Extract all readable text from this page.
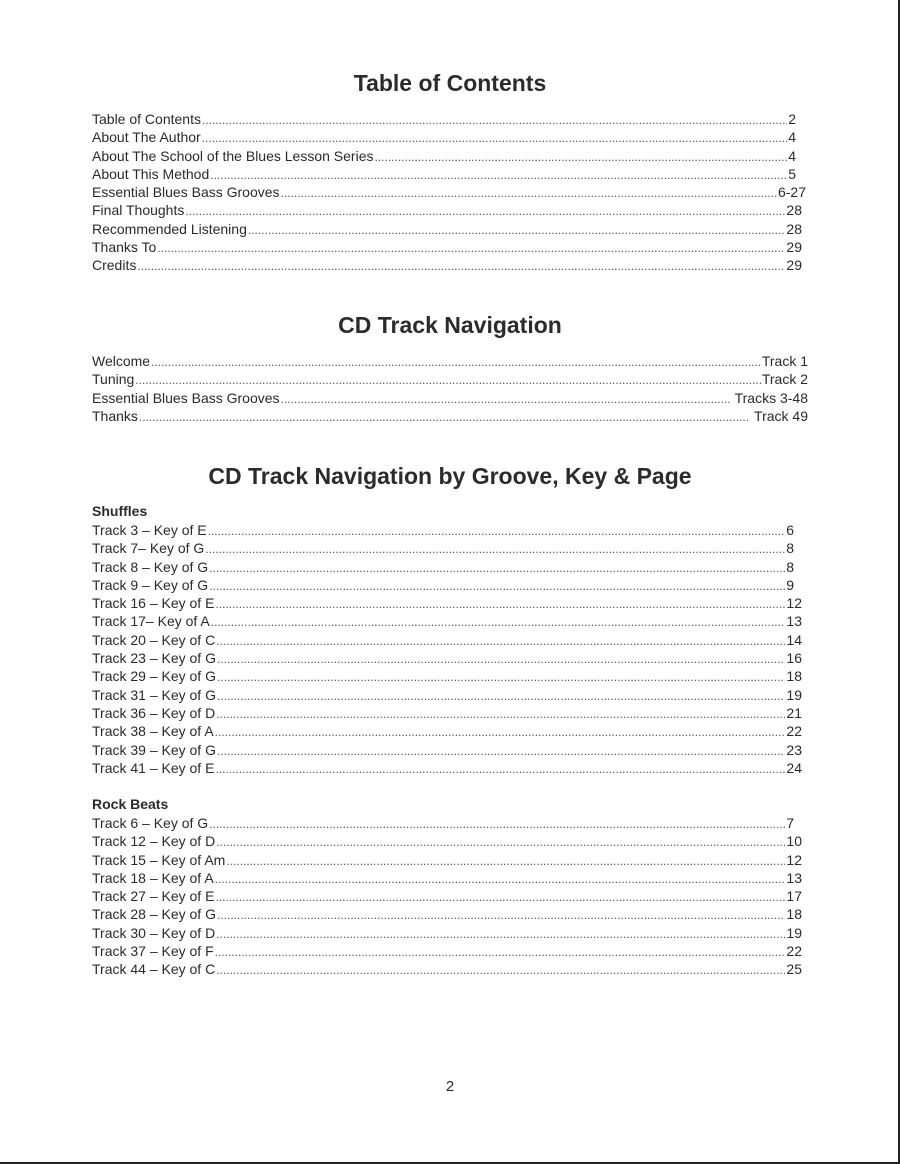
Table of Contents
Table of Contents .....	2
About The Author .....	4
About The School of the Blues Lesson Series .....	4
About This Method .....	5
Essential Blues Bass Grooves .....	6-27
Final Thoughts .....	28
Recommended Listening .....	28
Thanks To .....	29
Credits .....	29
CD Track Navigation
Welcome .....	Track 1
Tuning .....	Track 2
Essential Blues Bass Grooves .....	Tracks 3-48
Thanks .....	Track 49
CD Track Navigation by Groove, Key & Page

Shuffles

Track 3 – Key of E .....	6
Track 7– Key of G .....	8
Track 8 – Key of G .....	8
Track 9 – Key of G .....	9
Track 16 – Key of E .....	12
Track 17– Key of A .....	13
Track 20 – Key of C .....	14
Track 23 – Key of G .....	16
Track 29 – Key of G .....	18
Track 31 – Key of G .....	19
Track 36 – Key of D .....	21
Track 38 – Key of A .....	22
Track 39 – Key of G .....	23
Track 41 – Key of E .....	24

Rock Beats

Track 6 – Key of G .....	7
Track 12 – Key of D .....	10
Track 15 – Key of Am .....	12
Track 18 – Key of A .....	13
Track 27 – Key of E .....	17
Track 28 – Key of G .....	18
Track 30 – Key of D .....	19
Track 37 – Key of F .....	22
Track 44 – Key of C .....	25
2
